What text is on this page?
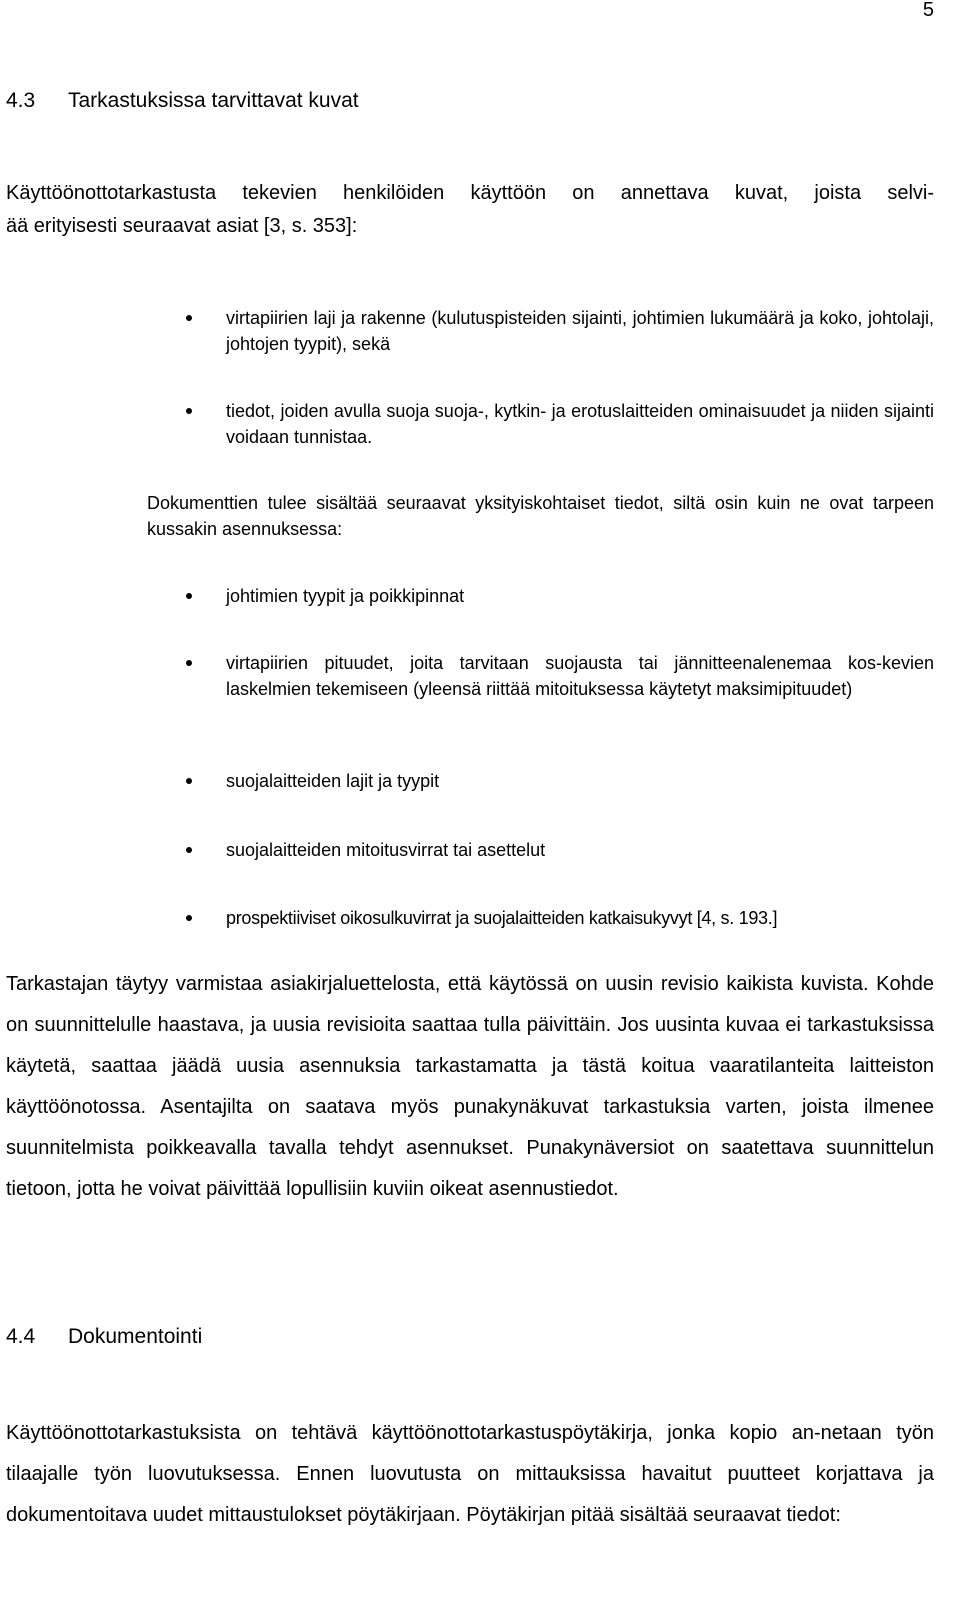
5
4.3 Tarkastuksissa tarvittavat kuvat
Käyttöönottotarkastusta tekevien henkilöiden käyttöön on annettava kuvat, joista selvi-
ää erityisesti seuraavat asiat [3, s. 353]:
virtapiirien laji ja rakenne (kulutuspisteiden sijainti, johtimien lukumäärä ja koko, johtolaji, johtojen tyypit), sekä
tiedot, joiden avulla suoja suoja-, kytkin- ja erotuslaitteiden ominaisuudet ja niiden sijainti voidaan tunnistaa.
Dokumenttien tulee sisältää seuraavat yksityiskohtaiset tiedot, siltä osin kuin ne ovat tarpeen kussakin asennuksessa:
johtimien tyypit ja poikkipinnat
virtapiirien pituudet, joita tarvitaan suojausta tai jännitteenalenemaa kos-kevien laskelmien tekemiseen (yleensä riittää mitoituksessa käytetyt maksimipituudet)
suojalaitteiden lajit ja tyypit
suojalaitteiden mitoitusvirrat tai asettelut
prospektiiviset oikosulkuvirrat ja suojalaitteiden katkaisukyvyt [4, s. 193.]
Tarkastajan täytyy varmistaa asiakirjaluettelosta, että käytössä on uusin revisio kaikista kuvista. Kohde on suunnittelulle haastava, ja uusia revisioita saattaa tulla päivittäin. Jos uusinta kuvaa ei tarkastuksissa käytetä, saattaa jäädä uusia asennuksia tarkastamatta ja tästä koitua vaaratilanteita laitteiston käyttöönotossa. Asentajilta on saatava myös punakynäkuvat tarkastuksia varten, joista ilmenee suunnitelmista poikkeavalla tavalla tehdyt asennukset. Punakynäversiot on saatettava suunnittelun tietoon, jotta he voivat päivittää lopullisiin kuviin oikeat asennustiedot.
4.4 Dokumentointi
Käyttöönottotarkastuksista on tehtävä käyttöönottotarkastuspöytäkirja, jonka kopio an-netaan työn tilaajalle työn luovutuksessa. Ennen luovutusta on mittauksissa havaitut puutteet korjattava ja dokumentoitava uudet mittaustulokset pöytäkirjaan. Pöytäkirjan pitää sisältää seuraavat tiedot:
